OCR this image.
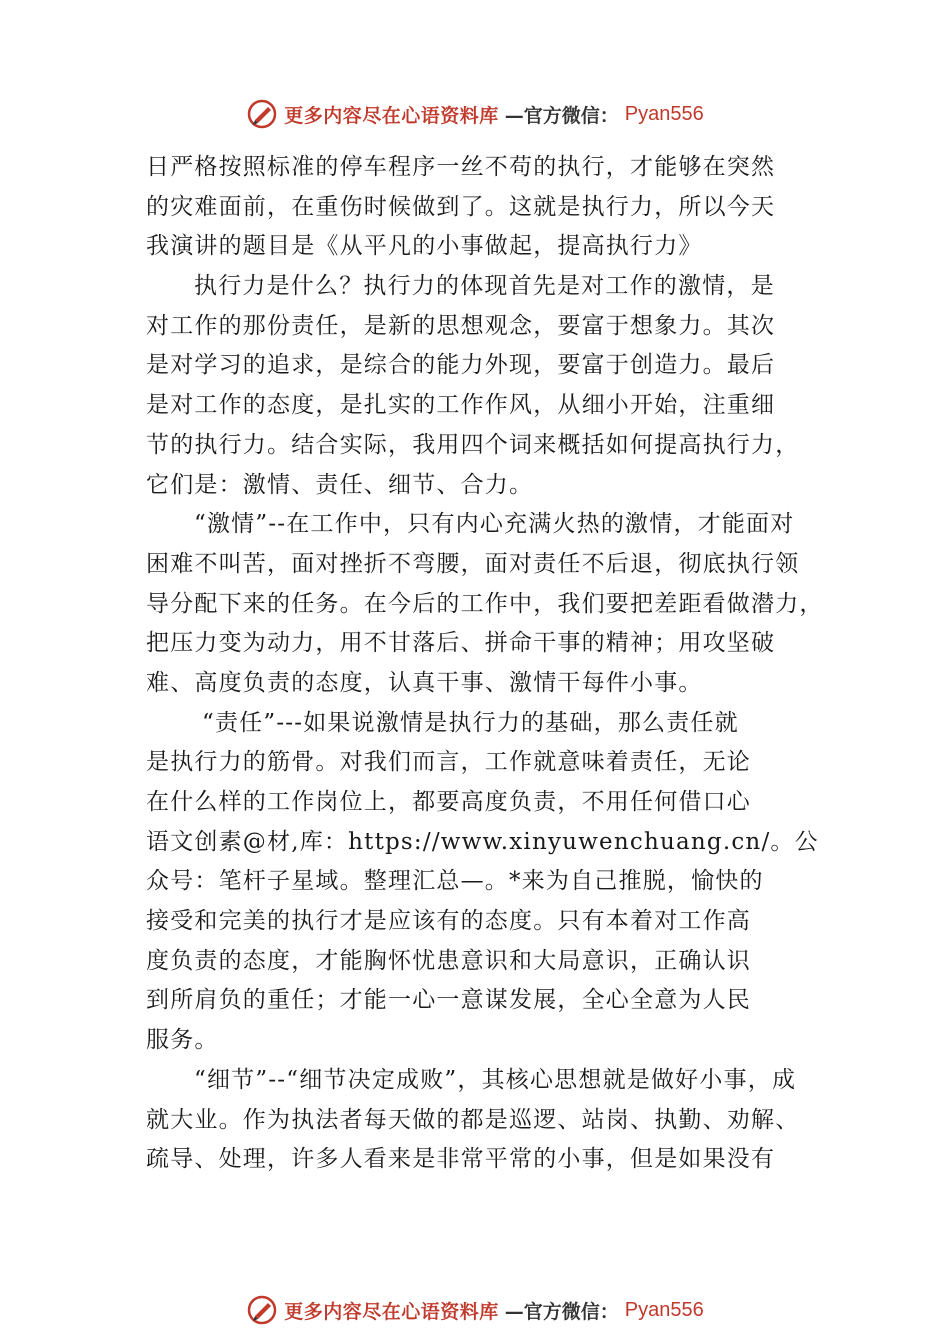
更多内容尽在心语资料库 —官方微信： Pyan556
日严格按照标准的停车程序一丝不苟的执行，才能够在突然
的灾难面前，在重伤时候做到了。这就是执行力，所以今天
我演讲的题目是《从平凡的小事做起，提高执行力》
执行力是什么？执行力的体现首先是对工作的激情，是
对工作的那份责任，是新的思想观念，要富于想象力。其次
是对学习的追求，是综合的能力外现，要富于创造力。最后
是对工作的态度，是扎实的工作作风，从细小开始，注重细
节的执行力。结合实际，我用四个词来概括如何提高执行力，
它们是：激情、责任、细节、合力。
“激情”--在工作中，只有内心充满火热的激情，才能面对
困难不叫苦，面对挫折不弯腰，面对责任不后退，彻底执行领
导分配下来的任务。在今后的工作中，我们要把差距看做潜力，
把压力变为动力，用不甘落后、拼命干事的精神；用攻坚破
难、高度负责的态度，认真干事、激情干每件小事。
“责任”---如果说激情是执行力的基础，那么责任就
是执行力的筋骨。对我们而言，工作就意味着责任，无论
在什么样的工作岗位上，都要高度负责，不用任何借口心
语文创素@材,库：https://www.xinyuwenchuang.cn/。公
众号：笔杆子星域。整理汇总—。*来为自己推脱，愉快的
接受和完美的执行才是应该有的态度。只有本着对工作高
度负责的态度，才能胸怀忧患意识和大局意识，正确认识
到所肩负的重任；才能一心一意谋发展，全心全意为人民
服务。
“细节”--“细节决定成败”，其核心思想就是做好小事，成
就大业。作为执法者每天做的都是巡逻、站岗、执勤、劝解、
疏导、处理，许多人看来是非常平常的小事，但是如果没有
更多内容尽在心语资料库 —官方微信： Pyan556
